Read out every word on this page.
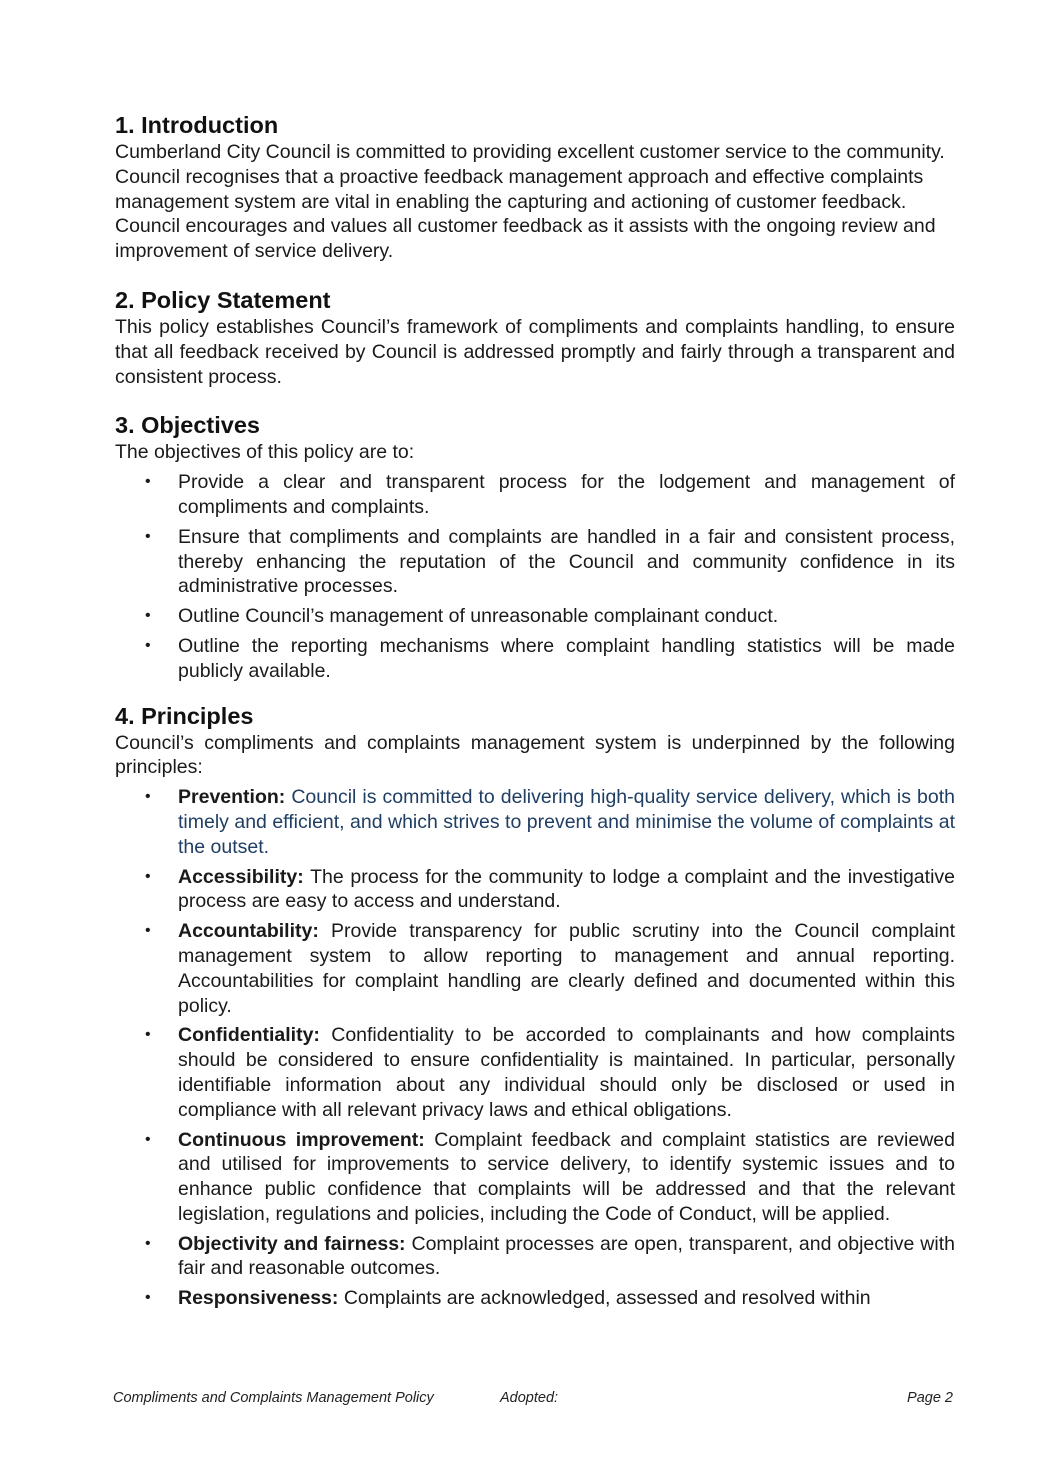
1. Introduction

Cumberland City Council is committed to providing excellent customer service to the community. Council recognises that a proactive feedback management approach and effective complaints management system are vital in enabling the capturing and actioning of customer feedback. Council encourages and values all customer feedback as it assists with the ongoing review and improvement of service delivery.

2. Policy Statement

This policy establishes Council’s framework of compliments and complaints handling, to ensure that all feedback received by Council is addressed promptly and fairly through a transparent and consistent process.

3. Objectives

The objectives of this policy are to:

• Provide a clear and transparent process for the lodgement and management of compliments and complaints.
• Ensure that compliments and complaints are handled in a fair and consistent process, thereby enhancing the reputation of the Council and community confidence in its administrative processes.
• Outline Council’s management of unreasonable complainant conduct.
• Outline the reporting mechanisms where complaint handling statistics will be made publicly available.
4. Principles

Council’s compliments and complaints management system is underpinned by the following principles:

• Prevention: Council is committed to delivering high-quality service delivery, which is both timely and efficient, and which strives to prevent and minimise the volume of complaints at the outset.
• Accessibility: The process for the community to lodge a complaint and the investigative process are easy to access and understand.
• Accountability: Provide transparency for public scrutiny into the Council complaint management system to allow reporting to management and annual reporting. Accountabilities for complaint handling are clearly defined and documented within this policy.
• Confidentiality: Confidentiality to be accorded to complainants and how complaints should be considered to ensure confidentiality is maintained. In particular, personally identifiable information about any individual should only be disclosed or used in compliance with all relevant privacy laws and ethical obligations.
• Continuous improvement: Complaint feedback and complaint statistics are reviewed and utilised for improvements to service delivery, to identify systemic issues and to enhance public confidence that complaints will be addressed and that the relevant legislation, regulations and policies, including the Code of Conduct, will be applied.
• Objectivity and fairness: Complaint processes are open, transparent, and objective with fair and reasonable outcomes.
• Responsiveness: Complaints are acknowledged, assessed and resolved within
Compliments and Complaints Management Policy	Adopted:	Page 2
